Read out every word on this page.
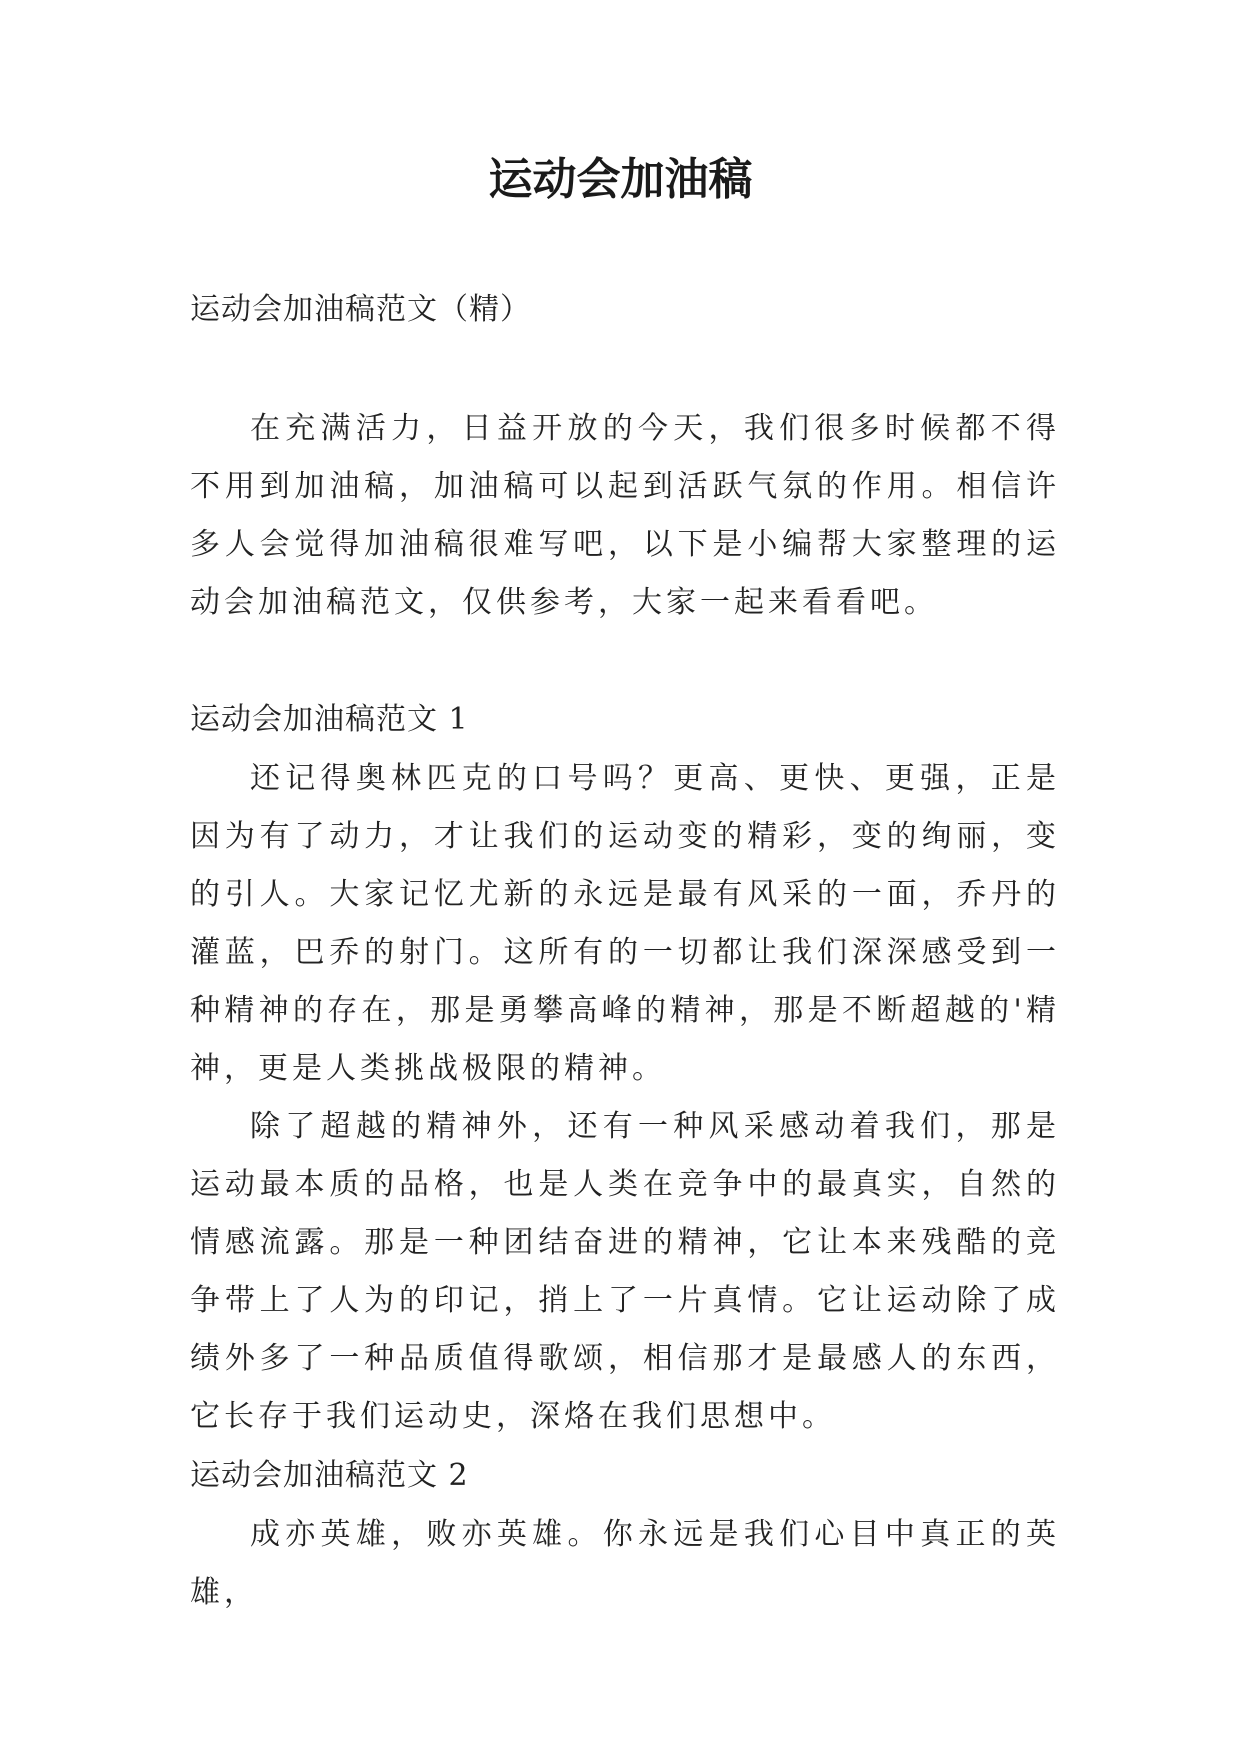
运动会加油稿

运动会加油稿范文（精）

在充满活力，日益开放的今天，我们很多时候都不得不用到加油稿，加油稿可以起到活跃气氛的作用。相信许多人会觉得加油稿很难写吧，以下是小编帮大家整理的运动会加油稿范文，仅供参考，大家一起来看看吧。

运动会加油稿范文 1

还记得奥林匹克的口号吗？更高、更快、更强，正是因为有了动力，才让我们的运动变的精彩，变的绚丽，变的引人。大家记忆尤新的永远是最有风采的一面，乔丹的灌蓝，巴乔的射门。这所有的一切都让我们深深感受到一种精神的存在，那是勇攀高峰的精神，那是不断超越的'精神，更是人类挑战极限的精神。

除了超越的精神外，还有一种风采感动着我们，那是运动最本质的品格，也是人类在竞争中的最真实，自然的情感流露。那是一种团结奋进的精神，它让本来残酷的竞争带上了人为的印记，捎上了一片真情。它让运动除了成绩外多了一种品质值得歌颂，相信那才是最感人的东西，它长存于我们运动史，深烙在我们思想中。

运动会加油稿范文 2

成亦英雄，败亦英雄。你永远是我们心目中真正的英雄，
